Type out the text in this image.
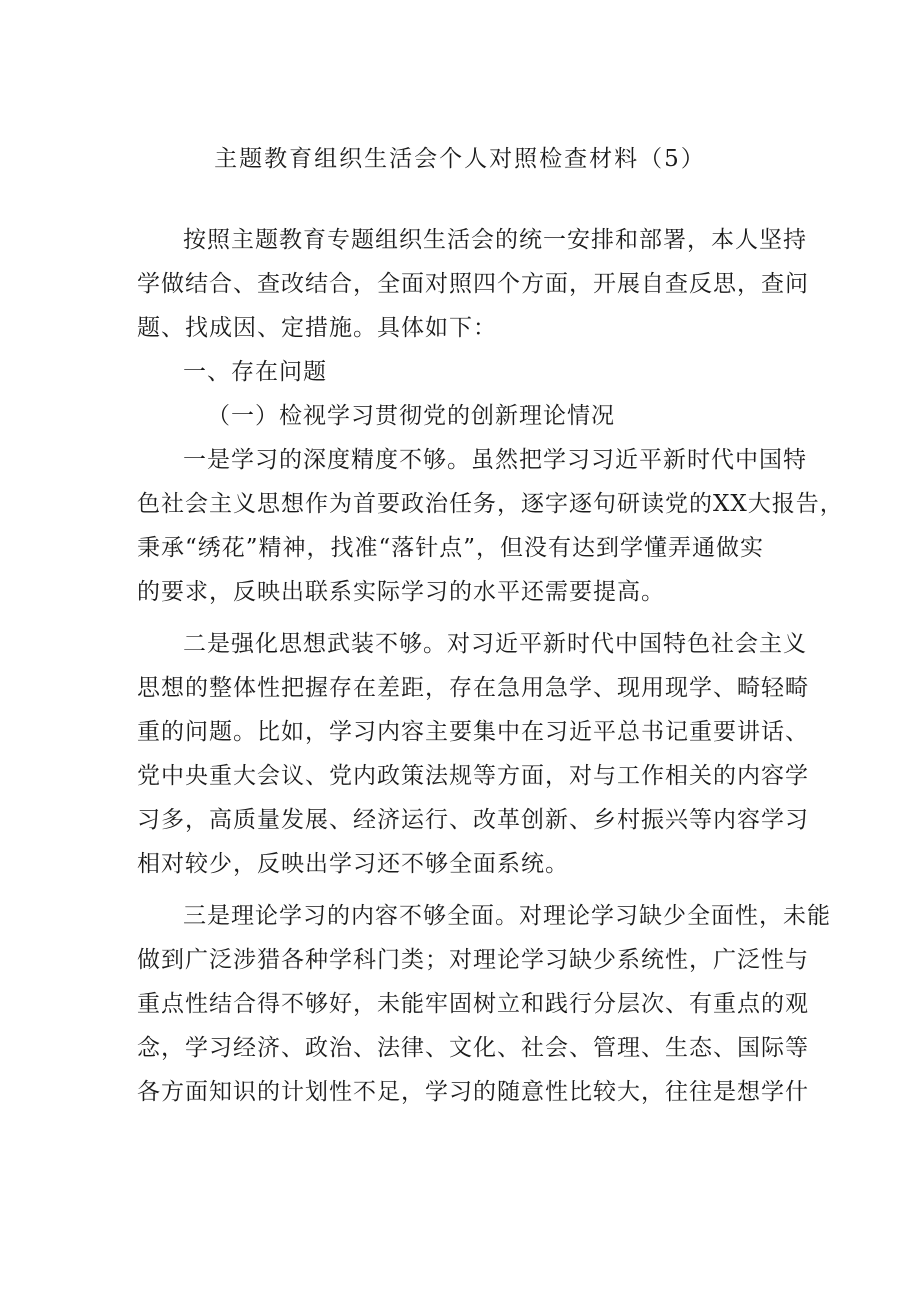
主题教育组织生活会个人对照检查材料（5）
按照主题教育专题组织生活会的统一安排和部署，本人坚持
学做结合、查改结合，全面对照四个方面，开展自查反思，查问
题、找成因、定措施。具体如下：
一、存在问题
（一）检视学习贯彻党的创新理论情况
一是学习的深度精度不够。虽然把学习习近平新时代中国特
色社会主义思想作为首要政治任务，逐字逐句研读党的XX大报告，
秉承“绣花”精神，找准“落针点”，但没有达到学懂弄通做实
的要求，反映出联系实际学习的水平还需要提高。
二是强化思想武装不够。对习近平新时代中国特色社会主义
思想的整体性把握存在差距，存在急用急学、现用现学、畸轻畸
重的问题。比如，学习内容主要集中在习近平总书记重要讲话、
党中央重大会议、党内政策法规等方面，对与工作相关的内容学
习多，高质量发展、经济运行、改革创新、乡村振兴等内容学习
相对较少，反映出学习还不够全面系统。
三是理论学习的内容不够全面。对理论学习缺少全面性，未能
做到广泛涉猎各种学科门类；对理论学习缺少系统性，广泛性与
重点性结合得不够好，未能牢固树立和践行分层次、有重点的观
念，学习经济、政治、法律、文化、社会、管理、生态、国际等
各方面知识的计划性不足，学习的随意性比较大，往往是想学什
